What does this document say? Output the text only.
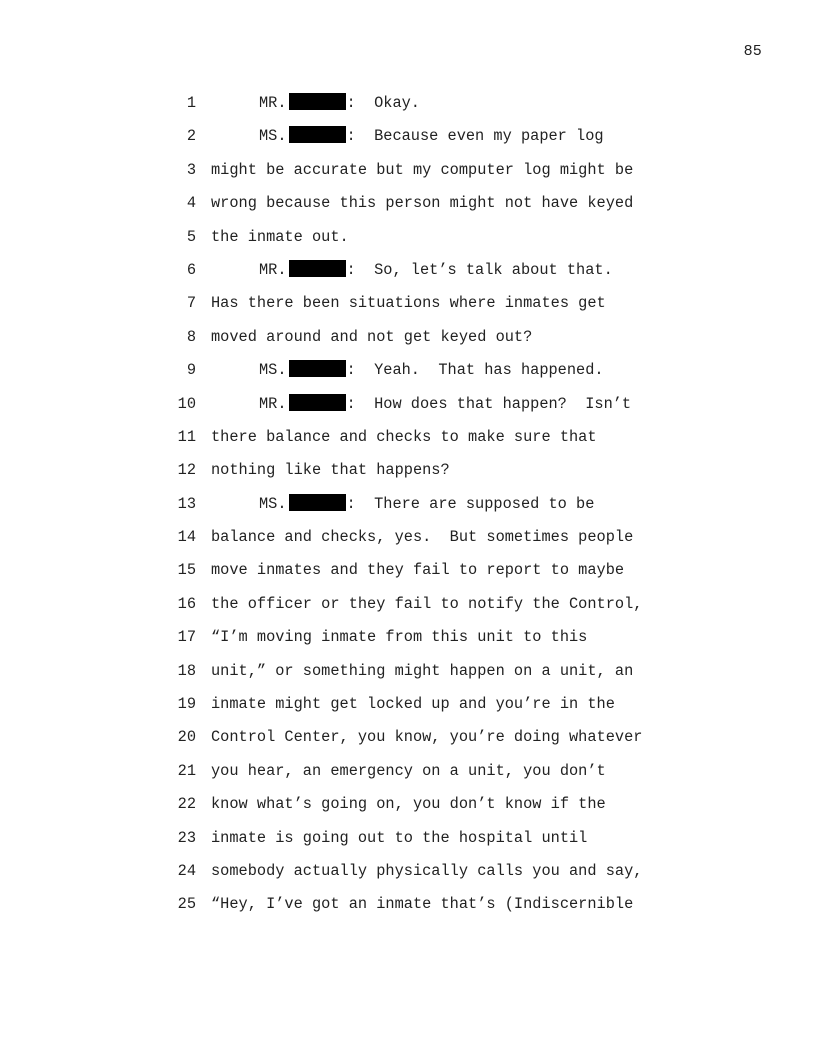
85
1	MR.	:  Okay.
2	MS.	:  Because even my paper log
3 might be accurate but my computer log might be
4 wrong because this person might not have keyed
5 the inmate out.
6	MR.	:  So, let’s talk about that.
7 Has there been situations where inmates get
8 moved around and not get keyed out?
9	MS.	:  Yeah.  That has happened.
10	MR.	:  How does that happen?  Isn’t
11 there balance and checks to make sure that
12 nothing like that happens?
13	MS.	:  There are supposed to be
14 balance and checks, yes.  But sometimes people
15 move inmates and they fail to report to maybe
16 the officer or they fail to notify the Control,
17 “I’m moving inmate from this unit to this
18 unit,” or something might happen on a unit, an
19 inmate might get locked up and you’re in the
20 Control Center, you know, you’re doing whatever
21 you hear, an emergency on a unit, you don’t
22 know what’s going on, you don’t know if the
23 inmate is going out to the hospital until
24 somebody actually physically calls you and say,
25 “Hey, I’ve got an inmate that’s (Indiscernible
